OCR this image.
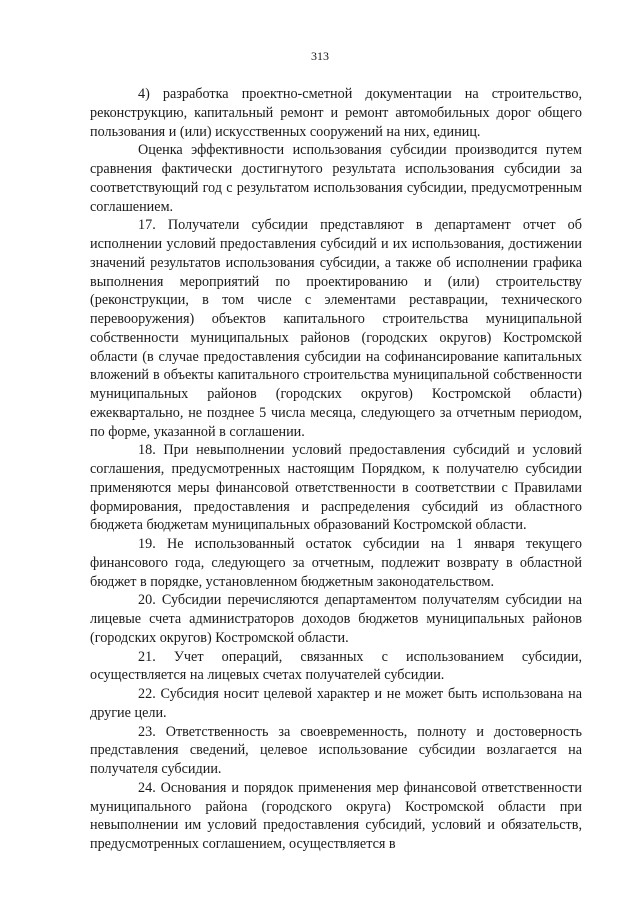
313

4) разработка проектно-сметной документации на строительство, реконструкцию, капитальный ремонт и ремонт автомобильных дорог общего пользования и (или) искусственных сооружений на них, единиц.

Оценка эффективности использования субсидии производится путем сравнения фактически достигнутого результата использования субсидии за соответствующий год с результатом использования субсидии, предусмотренным соглашением.

17. Получатели субсидии представляют в департамент отчет об исполнении условий предоставления субсидий и их использования, достижении значений результатов использования субсидии, а также об исполнении графика выполнения мероприятий по проектированию и (или) строительству (реконструкции, в том числе с элементами реставрации, технического перевооружения) объектов капитального строительства муниципальной собственности муниципальных районов (городских округов) Костромской области (в случае предоставления субсидии на софинансирование капитальных вложений в объекты капитального строительства муниципальной собственности муниципальных районов (городских округов) Костромской области) ежеквартально, не позднее 5 числа месяца, следующего за отчетным периодом, по форме, указанной в соглашении.

18. При невыполнении условий предоставления субсидий и условий соглашения, предусмотренных настоящим Порядком, к получателю субсидии применяются меры финансовой ответственности в соответствии с Правилами формирования, предоставления и распределения субсидий из областного бюджета бюджетам муниципальных образований Костромской области.

19. Не использованный остаток субсидии на 1 января текущего финансового года, следующего за отчетным, подлежит возврату в областной бюджет в порядке, установленном бюджетным законодательством.

20. Субсидии перечисляются департаментом получателям субсидии на лицевые счета администраторов доходов бюджетов муниципальных районов (городских округов) Костромской области.

21. Учет операций, связанных с использованием субсидии, осуществляется на лицевых счетах получателей субсидии.

22. Субсидия носит целевой характер и не может быть использована на другие цели.

23. Ответственность за своевременность, полноту и достоверность представления сведений, целевое использование субсидии возлагается на получателя субсидии.

24. Основания и порядок применения мер финансовой ответственности муниципального района (городского округа) Костромской области при невыполнении им условий предоставления субсидий, условий и обязательств, предусмотренных соглашением, осуществляется в
